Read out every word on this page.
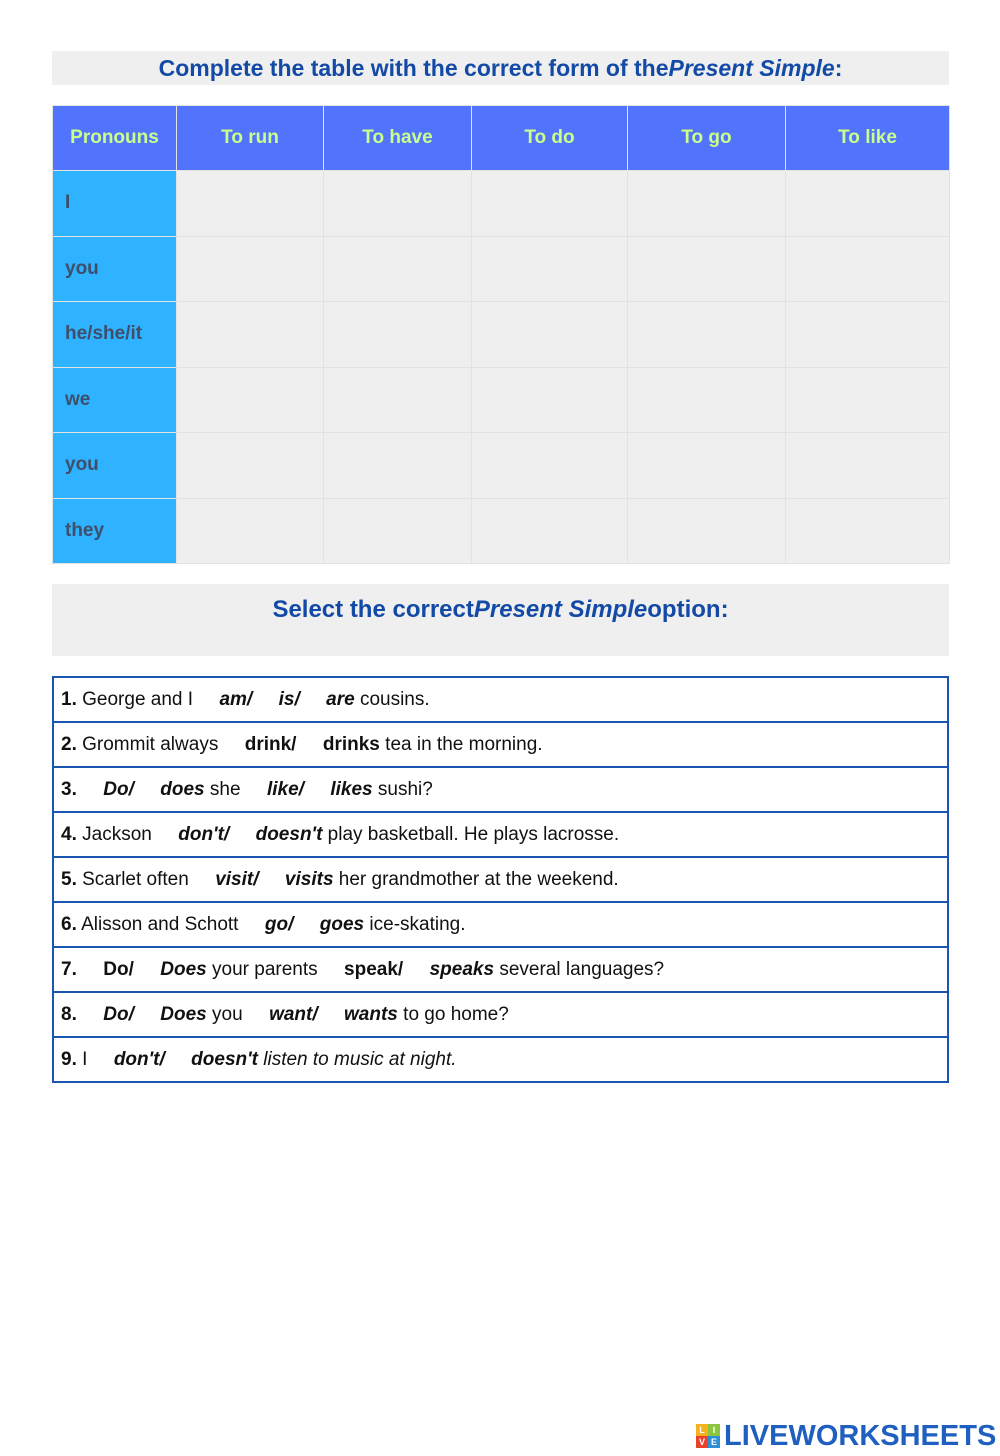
Complete the table with the correct form of the Present Simple :
Pronouns	To run	To have	To do	To go	To like
I					
you					
he/she/it					
we					
you					
they					
Select the correct Present Simple option:
1. George and I am/
is/
are cousins.
2. Grommit always drink/
drinks tea in the morning.
3.
Do/
does she like/
likes sushi?
4. Jackson don't/
doesn't play basketball. He plays lacrosse.
5. Scarlet often visit/
visits her grandmother at the weekend.
6. Alisson and Schott go/
goes ice-skating.
7.
Do/
Does your parents speak/
speaks several languages?
8.
Do/
Does you want/
wants to go home?
9. I don't/
doesn't listen to music at night.
L I
V E LIVEWORKSHEETS
